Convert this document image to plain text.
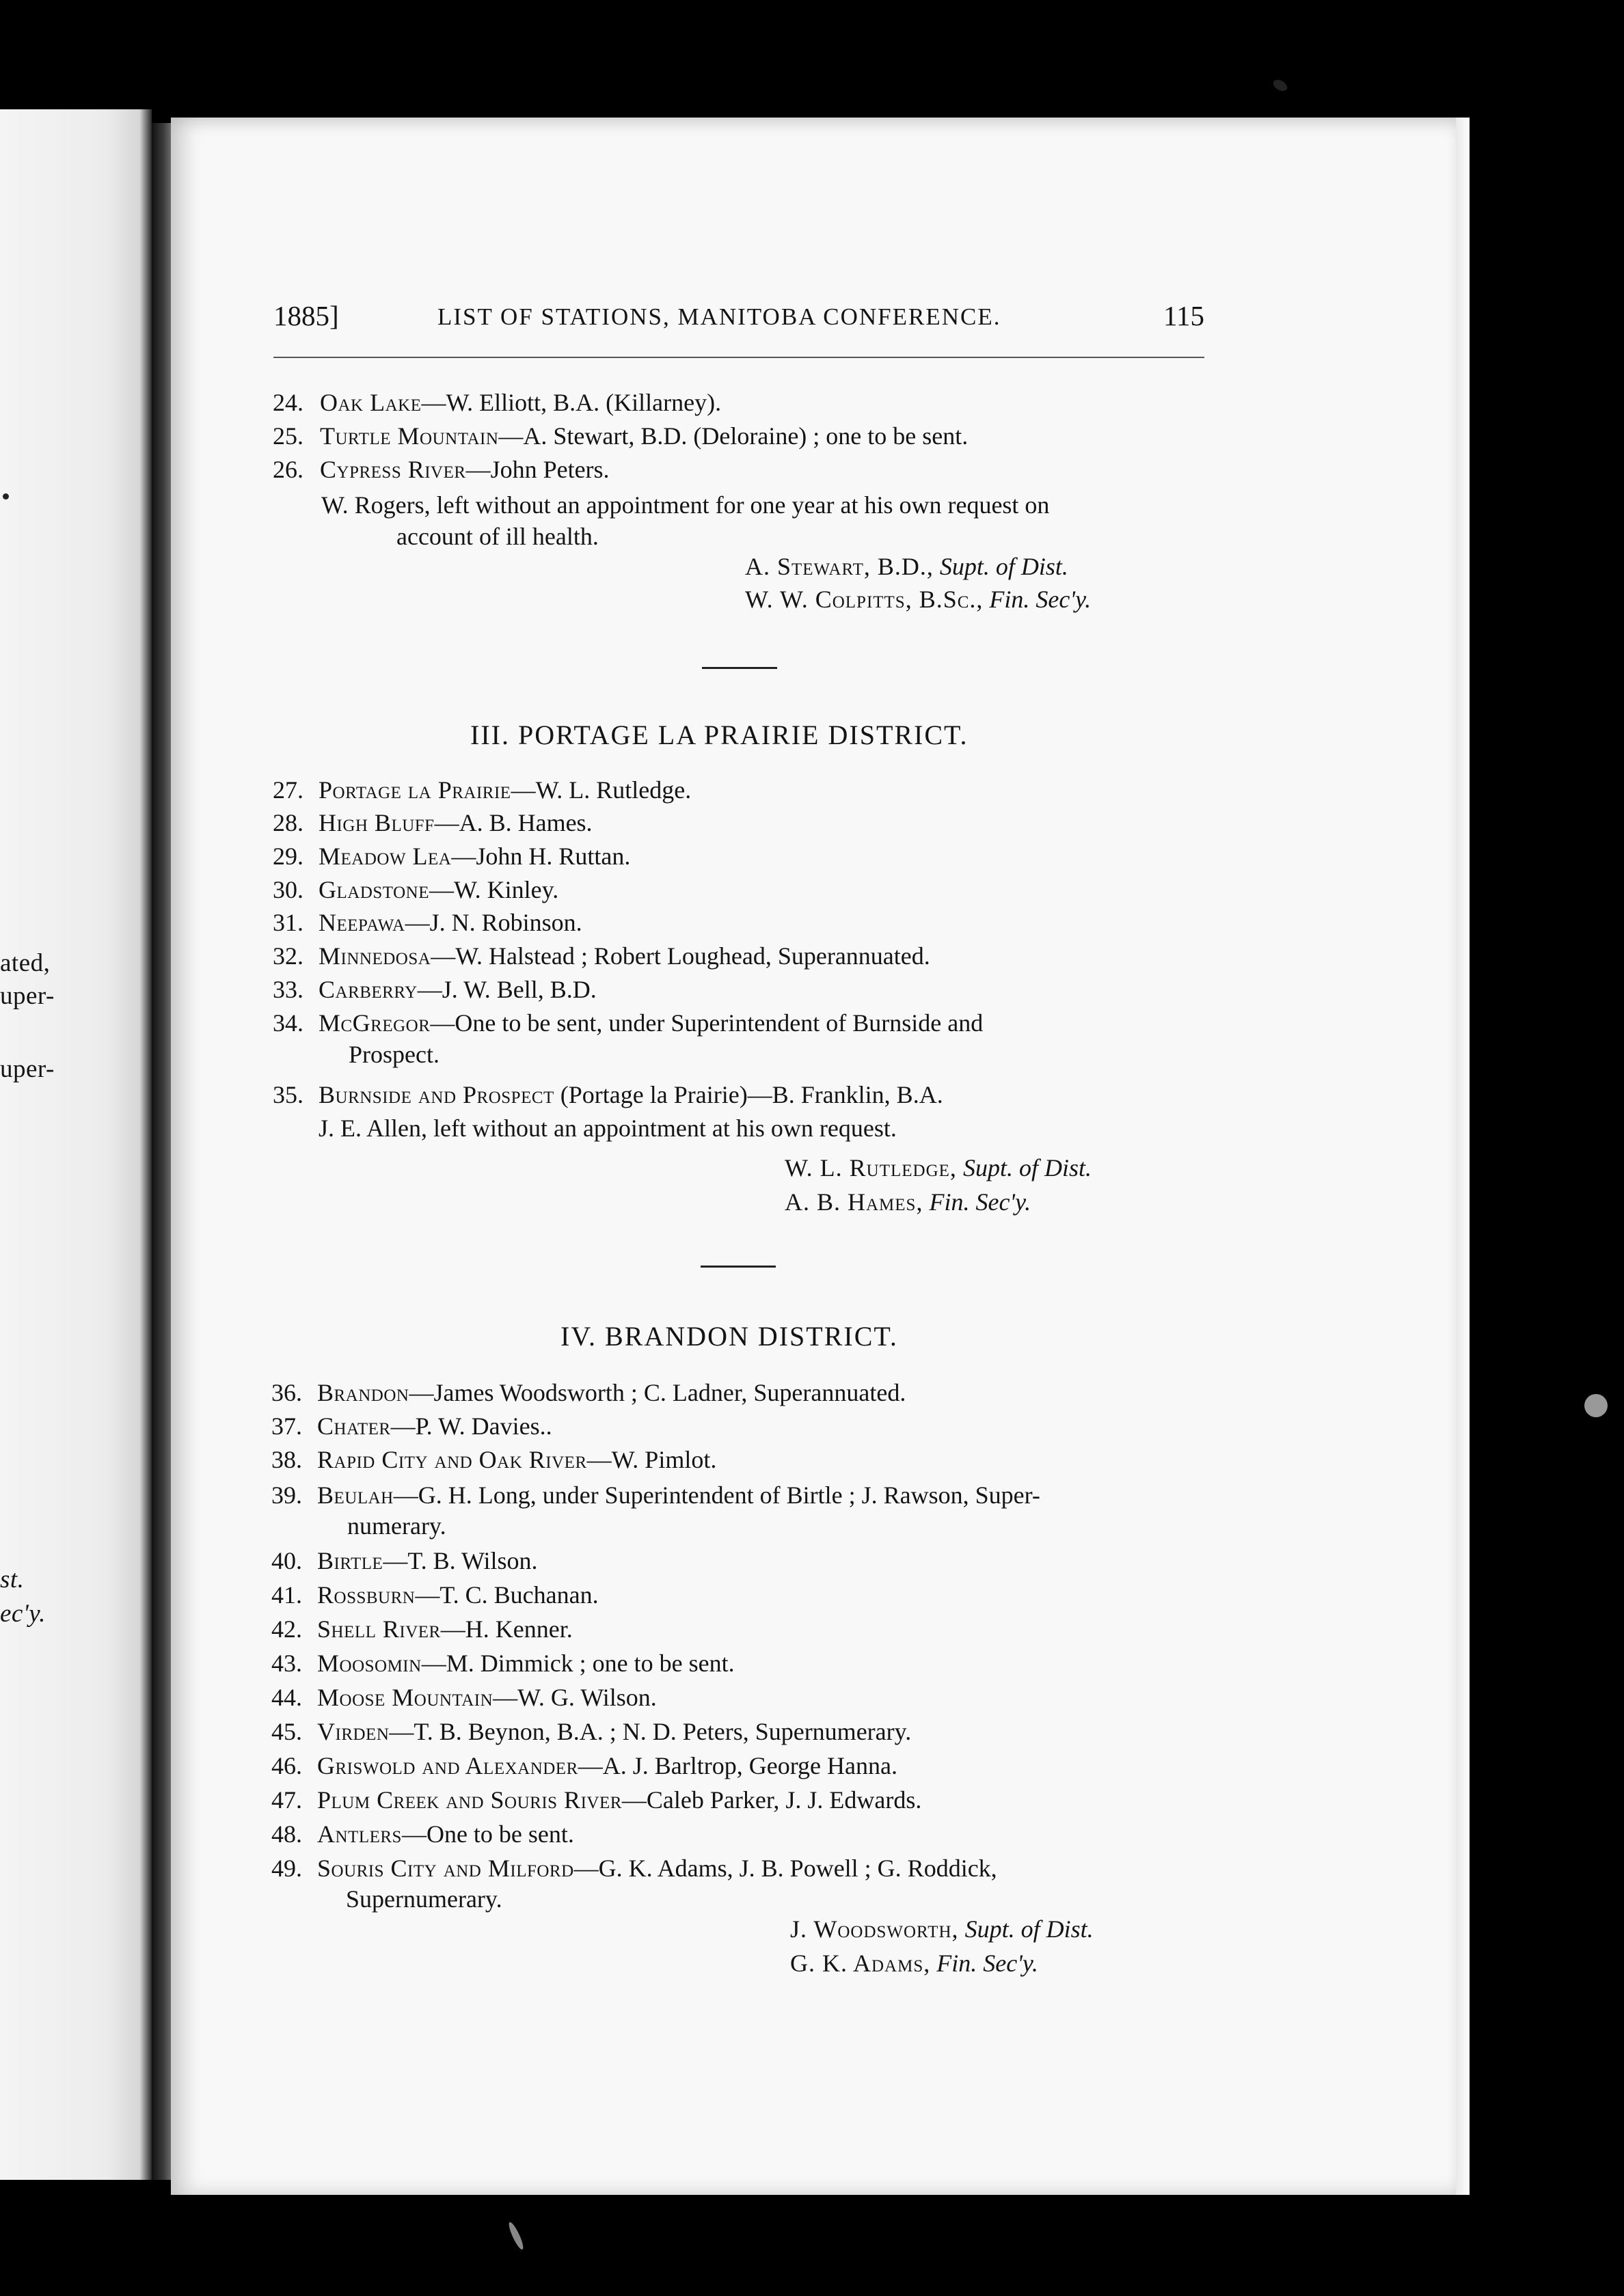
ated,
uper-
uper-
st.
ec'y.
1885]	LIST OF STATIONS, MANITOBA CONFERENCE.	115
24. Oak Lake—W. Elliott, B.A. (Killarney).
25. Turtle Mountain—A. Stewart, B.D. (Deloraine) ; one to be sent.
26. Cypress River—John Peters.
W. Rogers, left without an appointment for one year at his own request on
account of ill health.
A. Stewart, B.D., Supt. of Dist.
W. W. Colpitts, B.Sc., Fin. Sec'y.
III. PORTAGE LA PRAIRIE DISTRICT.
27. Portage la Prairie—W. L. Rutledge.
28. High Bluff—A. B. Hames.
29. Meadow Lea—John H. Ruttan.
30. Gladstone—W. Kinley.
31. Neepawa—J. N. Robinson.
32. Minnedosa—W. Halstead ; Robert Loughead, Superannuated.
33. Carberry—J. W. Bell, B.D.
34. McGregor—One to be sent, under Superintendent of Burnside and
Prospect.
35. Burnside and Prospect (Portage la Prairie)—B. Franklin, B.A.
J. E. Allen, left without an appointment at his own request.
W. L. Rutledge, Supt. of Dist.
A. B. Hames, Fin. Sec'y.
IV. BRANDON DISTRICT.
36. Brandon—James Woodsworth ; C. Ladner, Superannuated.
37. Chater—P. W. Davies..
38. Rapid City and Oak River—W. Pimlot.
39. Beulah—G. H. Long, under Superintendent of Birtle ; J. Rawson, Super-
numerary.
40. Birtle—T. B. Wilson.
41. Rossburn—T. C. Buchanan.
42. Shell River—H. Kenner.
43. Moosomin—M. Dimmick ; one to be sent.
44. Moose Mountain—W. G. Wilson.
45. Virden—T. B. Beynon, B.A. ; N. D. Peters, Supernumerary.
46. Griswold and Alexander—A. J. Barltrop, George Hanna.
47. Plum Creek and Souris River—Caleb Parker, J. J. Edwards.
48. Antlers—One to be sent.
49. Souris City and Milford—G. K. Adams, J. B. Powell ; G. Roddick,
Supernumerary.
J. Woodsworth, Supt. of Dist.
G. K. Adams, Fin. Sec'y.
